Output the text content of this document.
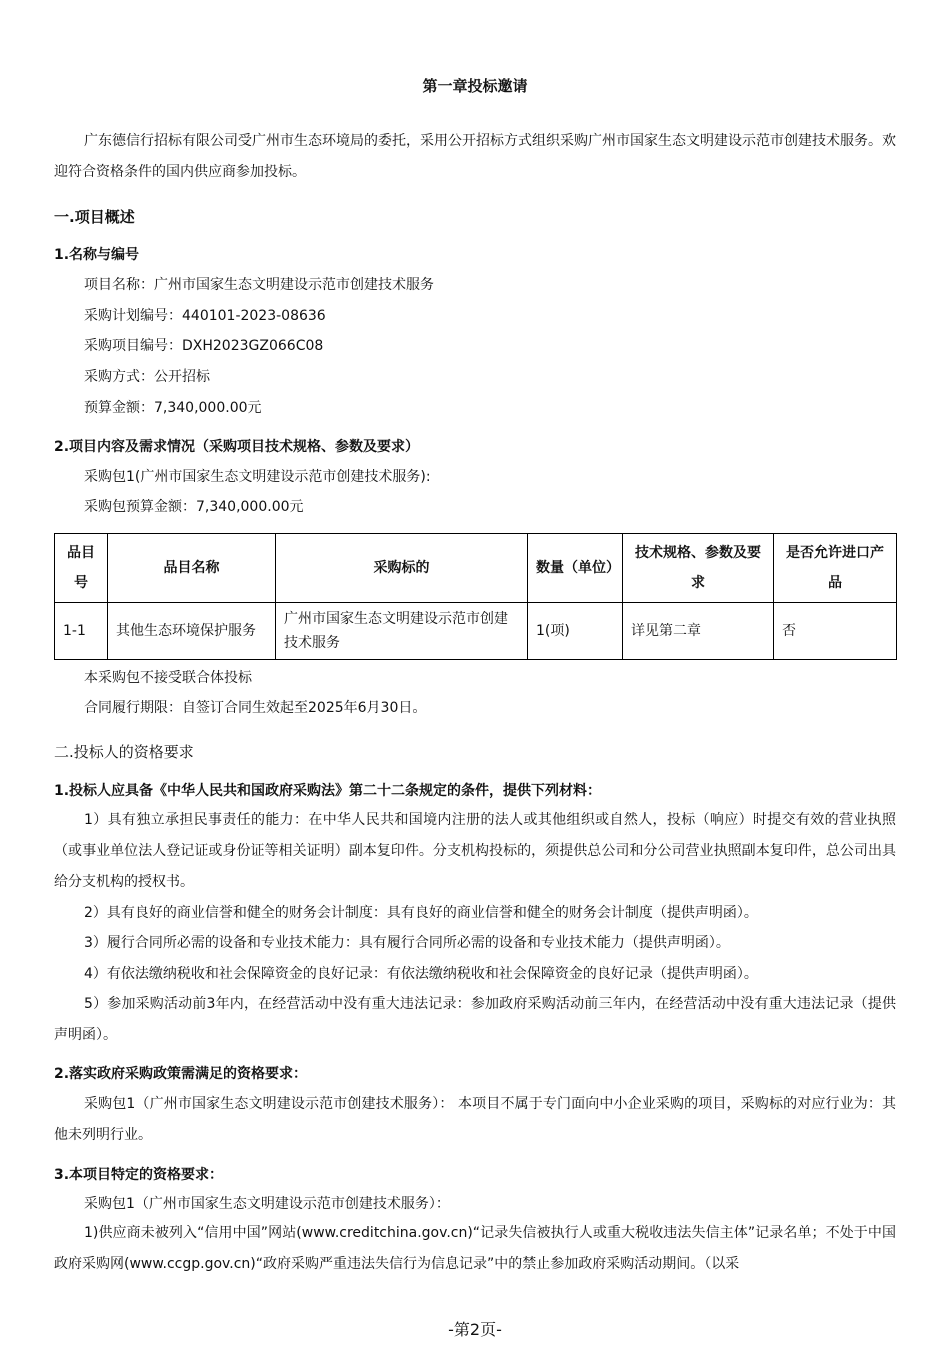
第一章投标邀请
广东德信行招标有限公司受广州市生态环境局的委托，采用公开招标方式组织采购广州市国家生态文明建设示范市创建技术服务。欢迎符合资格条件的国内供应商参加投标。
一.项目概述
1.名称与编号
项目名称：广州市国家生态文明建设示范市创建技术服务
采购计划编号：440101-2023-08636
采购项目编号：DXH2023GZ066C08
采购方式：公开招标
预算金额：7,340,000.00元
2.项目内容及需求情况（采购项目技术规格、参数及要求）
采购包1(广州市国家生态文明建设示范市创建技术服务):
采购包预算金额：7,340,000.00元
品目号	品目名称	采购标的	数量（单位）	技术规格、参数及要求	是否允许进口产品
1-1	其他生态环境保护服务	广州市国家生态文明建设示范市创建技术服务	1(项)	详见第二章	否
本采购包不接受联合体投标
合同履行期限：自签订合同生效起至2025年6月30日。
二.投标人的资格要求
1.投标人应具备《中华人民共和国政府采购法》第二十二条规定的条件，提供下列材料：
1）具有独立承担民事责任的能力：在中华人民共和国境内注册的法人或其他组织或自然人，投标（响应）时提交有效的营业执照（或事业单位法人登记证或身份证等相关证明）副本复印件。分支机构投标的，须提供总公司和分公司营业执照副本复印件，总公司出具给分支机构的授权书。
2）具有良好的商业信誉和健全的财务会计制度：具有良好的商业信誉和健全的财务会计制度（提供声明函）。
3）履行合同所必需的设备和专业技术能力：具有履行合同所必需的设备和专业技术能力（提供声明函）。
4）有依法缴纳税收和社会保障资金的良好记录：有依法缴纳税收和社会保障资金的良好记录（提供声明函）。
5）参加采购活动前3年内，在经营活动中没有重大违法记录：参加政府采购活动前三年内，在经营活动中没有重大违法记录（提供声明函）。
2.落实政府采购政策需满足的资格要求：
采购包1（广州市国家生态文明建设示范市创建技术服务）： 本项目不属于专门面向中小企业采购的项目，采购标的对应行业为：其他未列明行业。
3.本项目特定的资格要求：
采购包1（广州市国家生态文明建设示范市创建技术服务）：
1)供应商未被列入“信用中国”网站(www.creditchina.gov.cn)“记录失信被执行人或重大税收违法失信主体”记录名单；不处于中国政府采购网(www.ccgp.gov.cn)“政府采购严重违法失信行为信息记录”中的禁止参加政府采购活动期间。（以采
-第2页-
